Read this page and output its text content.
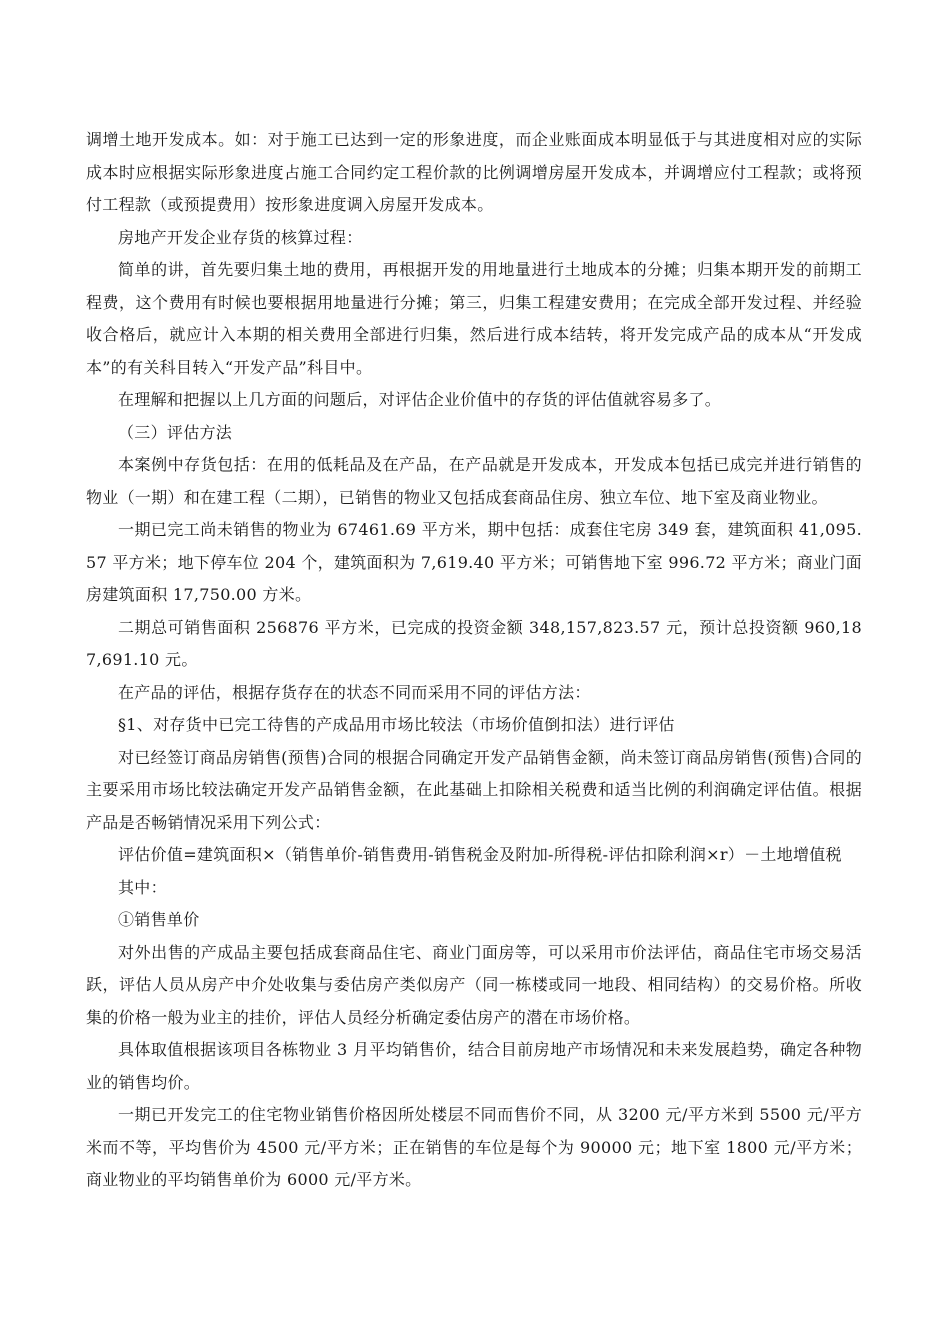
调增土地开发成本。如：对于施工已达到一定的形象进度，而企业账面成本明显低于与其进度相对应的实际成本时应根据实际形象进度占施工合同约定工程价款的比例调增房屋开发成本，并调增应付工程款；或将预付工程款（或预提费用）按形象进度调入房屋开发成本。

房地产开发企业存货的核算过程：

简单的讲，首先要归集土地的费用，再根据开发的用地量进行土地成本的分摊；归集本期开发的前期工程费，这个费用有时候也要根据用地量进行分摊；第三，归集工程建安费用；在完成全部开发过程、并经验收合格后，就应计入本期的相关费用全部进行归集，然后进行成本结转，将开发完成产品的成本从“开发成本”的有关科目转入“开发产品”科目中。

在理解和把握以上几方面的问题后，对评估企业价值中的存货的评估值就容易多了。

（三）评估方法

本案例中存货包括：在用的低耗品及在产品，在产品就是开发成本，开发成本包括已成完并进行销售的物业（一期）和在建工程（二期），已销售的物业又包括成套商品住房、独立车位、地下室及商业物业。

一期已完工尚未销售的物业为 67461.69 平方米，期中包括：成套住宅房 349 套，建筑面积 41,095.57 平方米；地下停车位 204 个，建筑面积为 7,619.40 平方米；可销售地下室 996.72 平方米；商业门面房建筑面积 17,750.00 方米。

二期总可销售面积 256876 平方米，已完成的投资金额 348,157,823.57 元，预计总投资额 960,187,691.10 元。

在产品的评估，根据存货存在的状态不同而采用不同的评估方法：

§1、对存货中已完工待售的产成品用市场比较法（市场价值倒扣法）进行评估

对已经签订商品房销售(预售)合同的根据合同确定开发产品销售金额，尚未签订商品房销售(预售)合同的主要采用市场比较法确定开发产品销售金额，在此基础上扣除相关税费和适当比例的利润确定评估值。根据产品是否畅销情况采用下列公式：

评估价值=建筑面积×（销售单价-销售费用-销售税金及附加-所得税-评估扣除利润×r）－土地增值税

其中：

①销售单价

对外出售的产成品主要包括成套商品住宅、商业门面房等，可以采用市价法评估，商品住宅市场交易活跃，评估人员从房产中介处收集与委估房产类似房产（同一栋楼或同一地段、相同结构）的交易价格。所收集的价格一般为业主的挂价，评估人员经分析确定委估房产的潜在市场价格。

具体取值根据该项目各栋物业 3 月平均销售价，结合目前房地产市场情况和未来发展趋势，确定各种物业的销售均价。

一期已开发完工的住宅物业销售价格因所处楼层不同而售价不同，从 3200 元/平方米到 5500 元/平方米而不等，平均售价为 4500 元/平方米；正在销售的车位是每个为 90000 元；地下室 1800 元/平方米；商业物业的平均销售单价为 6000 元/平方米。
